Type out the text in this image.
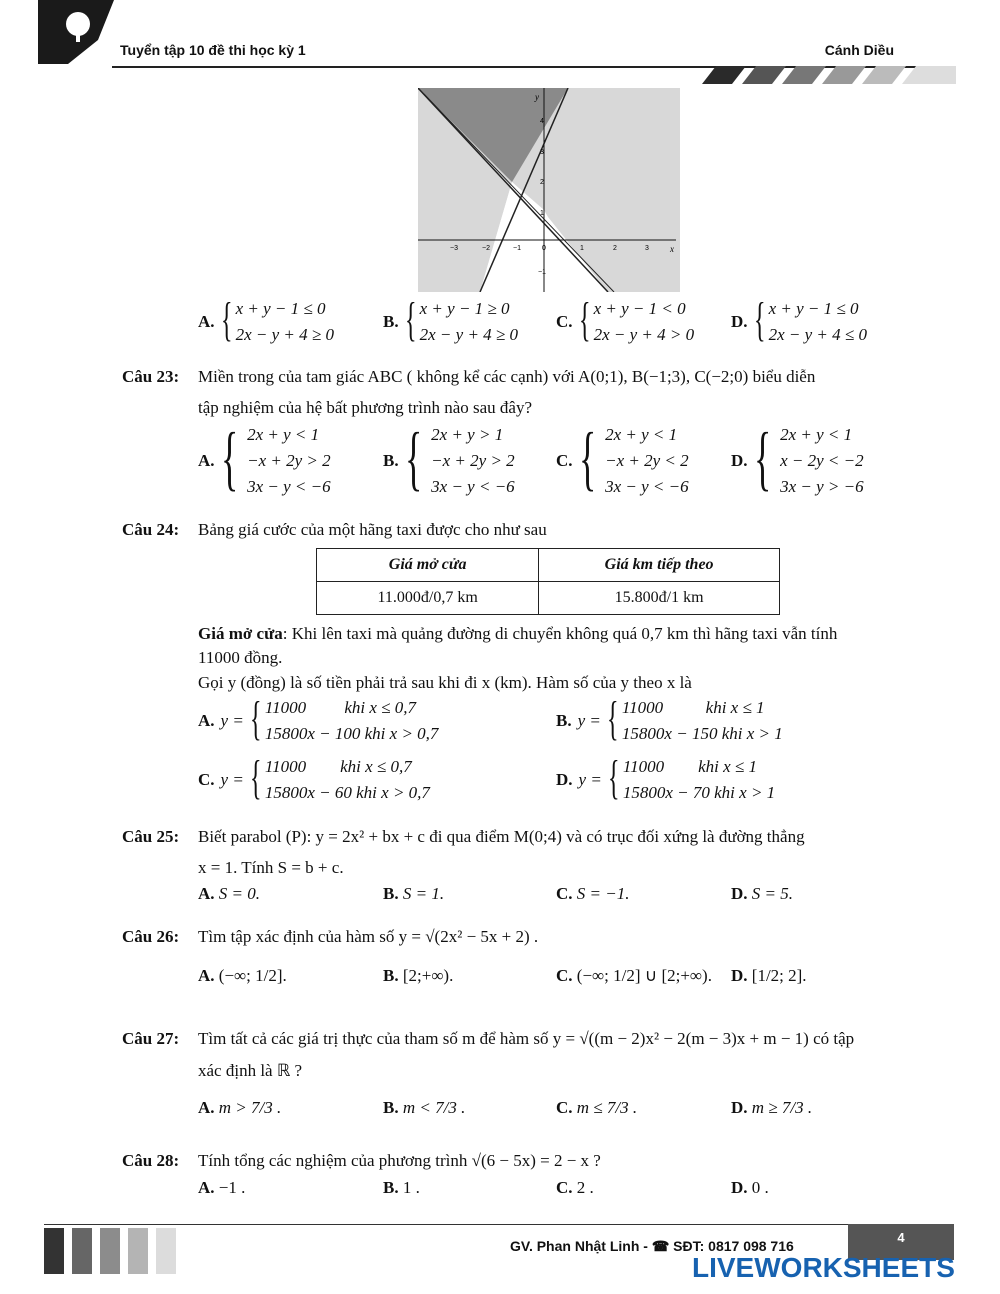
Tuyển tập 10 đề thi học kỳ 1	Cánh Diều
x
y
−3	−2	−1	0	1	2	3
4
3
2
1
−1
A. { x + y − 1 ≤ 0
2x − y + 4 ≥ 0
B. { x + y − 1 ≥ 0
2x − y + 4 ≥ 0
C. { x + y − 1 < 0
2x − y + 4 > 0
D. { x + y − 1 ≤ 0
2x − y + 4 ≤ 0
Câu 23: Miền trong của tam giác ABC ( không kể các cạnh) với A(0;1), B(−1;3), C(−2;0) biểu diễn
tập nghiệm của hệ bất phương trình nào sau đây?
A. { 2x + y < 1
−x + 2y > 2
3x − y < −6
B. { 2x + y > 1
−x + 2y > 2
3x − y < −6
C. { 2x + y < 1
−x + 2y < 2
3x − y < −6
D. { 2x + y < 1
x − 2y < −2
3x − y > −6
Câu 24: Bảng giá cước của một hãng taxi được cho như sau
Giá mở cửa	Giá km tiếp theo
11.000đ/0,7 km	15.800đ/1 km
Giá mở cửa: Khi lên taxi mà quảng đường di chuyển không quá 0,7 km thì hãng taxi vẫn tính
11000 đồng.
Gọi y (đồng) là số tiền phải trả sau khi đi x (km). Hàm số của y theo x là
A. y = { 11000         khi x ≤ 0,7
15800x − 100 khi x > 0,7
B. y = { 11000          khi x ≤ 1
15800x − 150 khi x > 1
C. y = { 11000        khi x ≤ 0,7
15800x − 60 khi x > 0,7
D. y = { 11000        khi x ≤ 1
15800x − 70 khi x > 1
Câu 25: Biết parabol (P): y = 2x² + bx + c đi qua điểm M(0;4) và có trục đối xứng là đường thẳng
x = 1. Tính S = b + c.
A. S = 0.	B. S = 1.	C. S = −1.	D. S = 5.
Câu 26: Tìm tập xác định của hàm số y = √(2x² − 5x + 2) .
A. (−∞; 1/2].	B. [2;+∞).	C. (−∞; 1/2] ∪ [2;+∞). D. [1/2; 2].
Câu 27: Tìm tất cả các giá trị thực của tham số m để hàm số y = √((m − 2)x² − 2(m − 3)x + m − 1) có tập
xác định là ℝ ?
A. m > 7/3 .	B. m < 7/3 .	C. m ≤ 7/3 .	D. m ≥ 7/3 .
Câu 28: Tính tổng các nghiệm của phương trình √(6 − 5x) = 2 − x ?
A. −1 .	B. 1 .	C. 2 .	D. 0 .
GV. Phan Nhật Linh - ☎ SĐT: 0817 098 716
4
LIVEWORKSHEETS
